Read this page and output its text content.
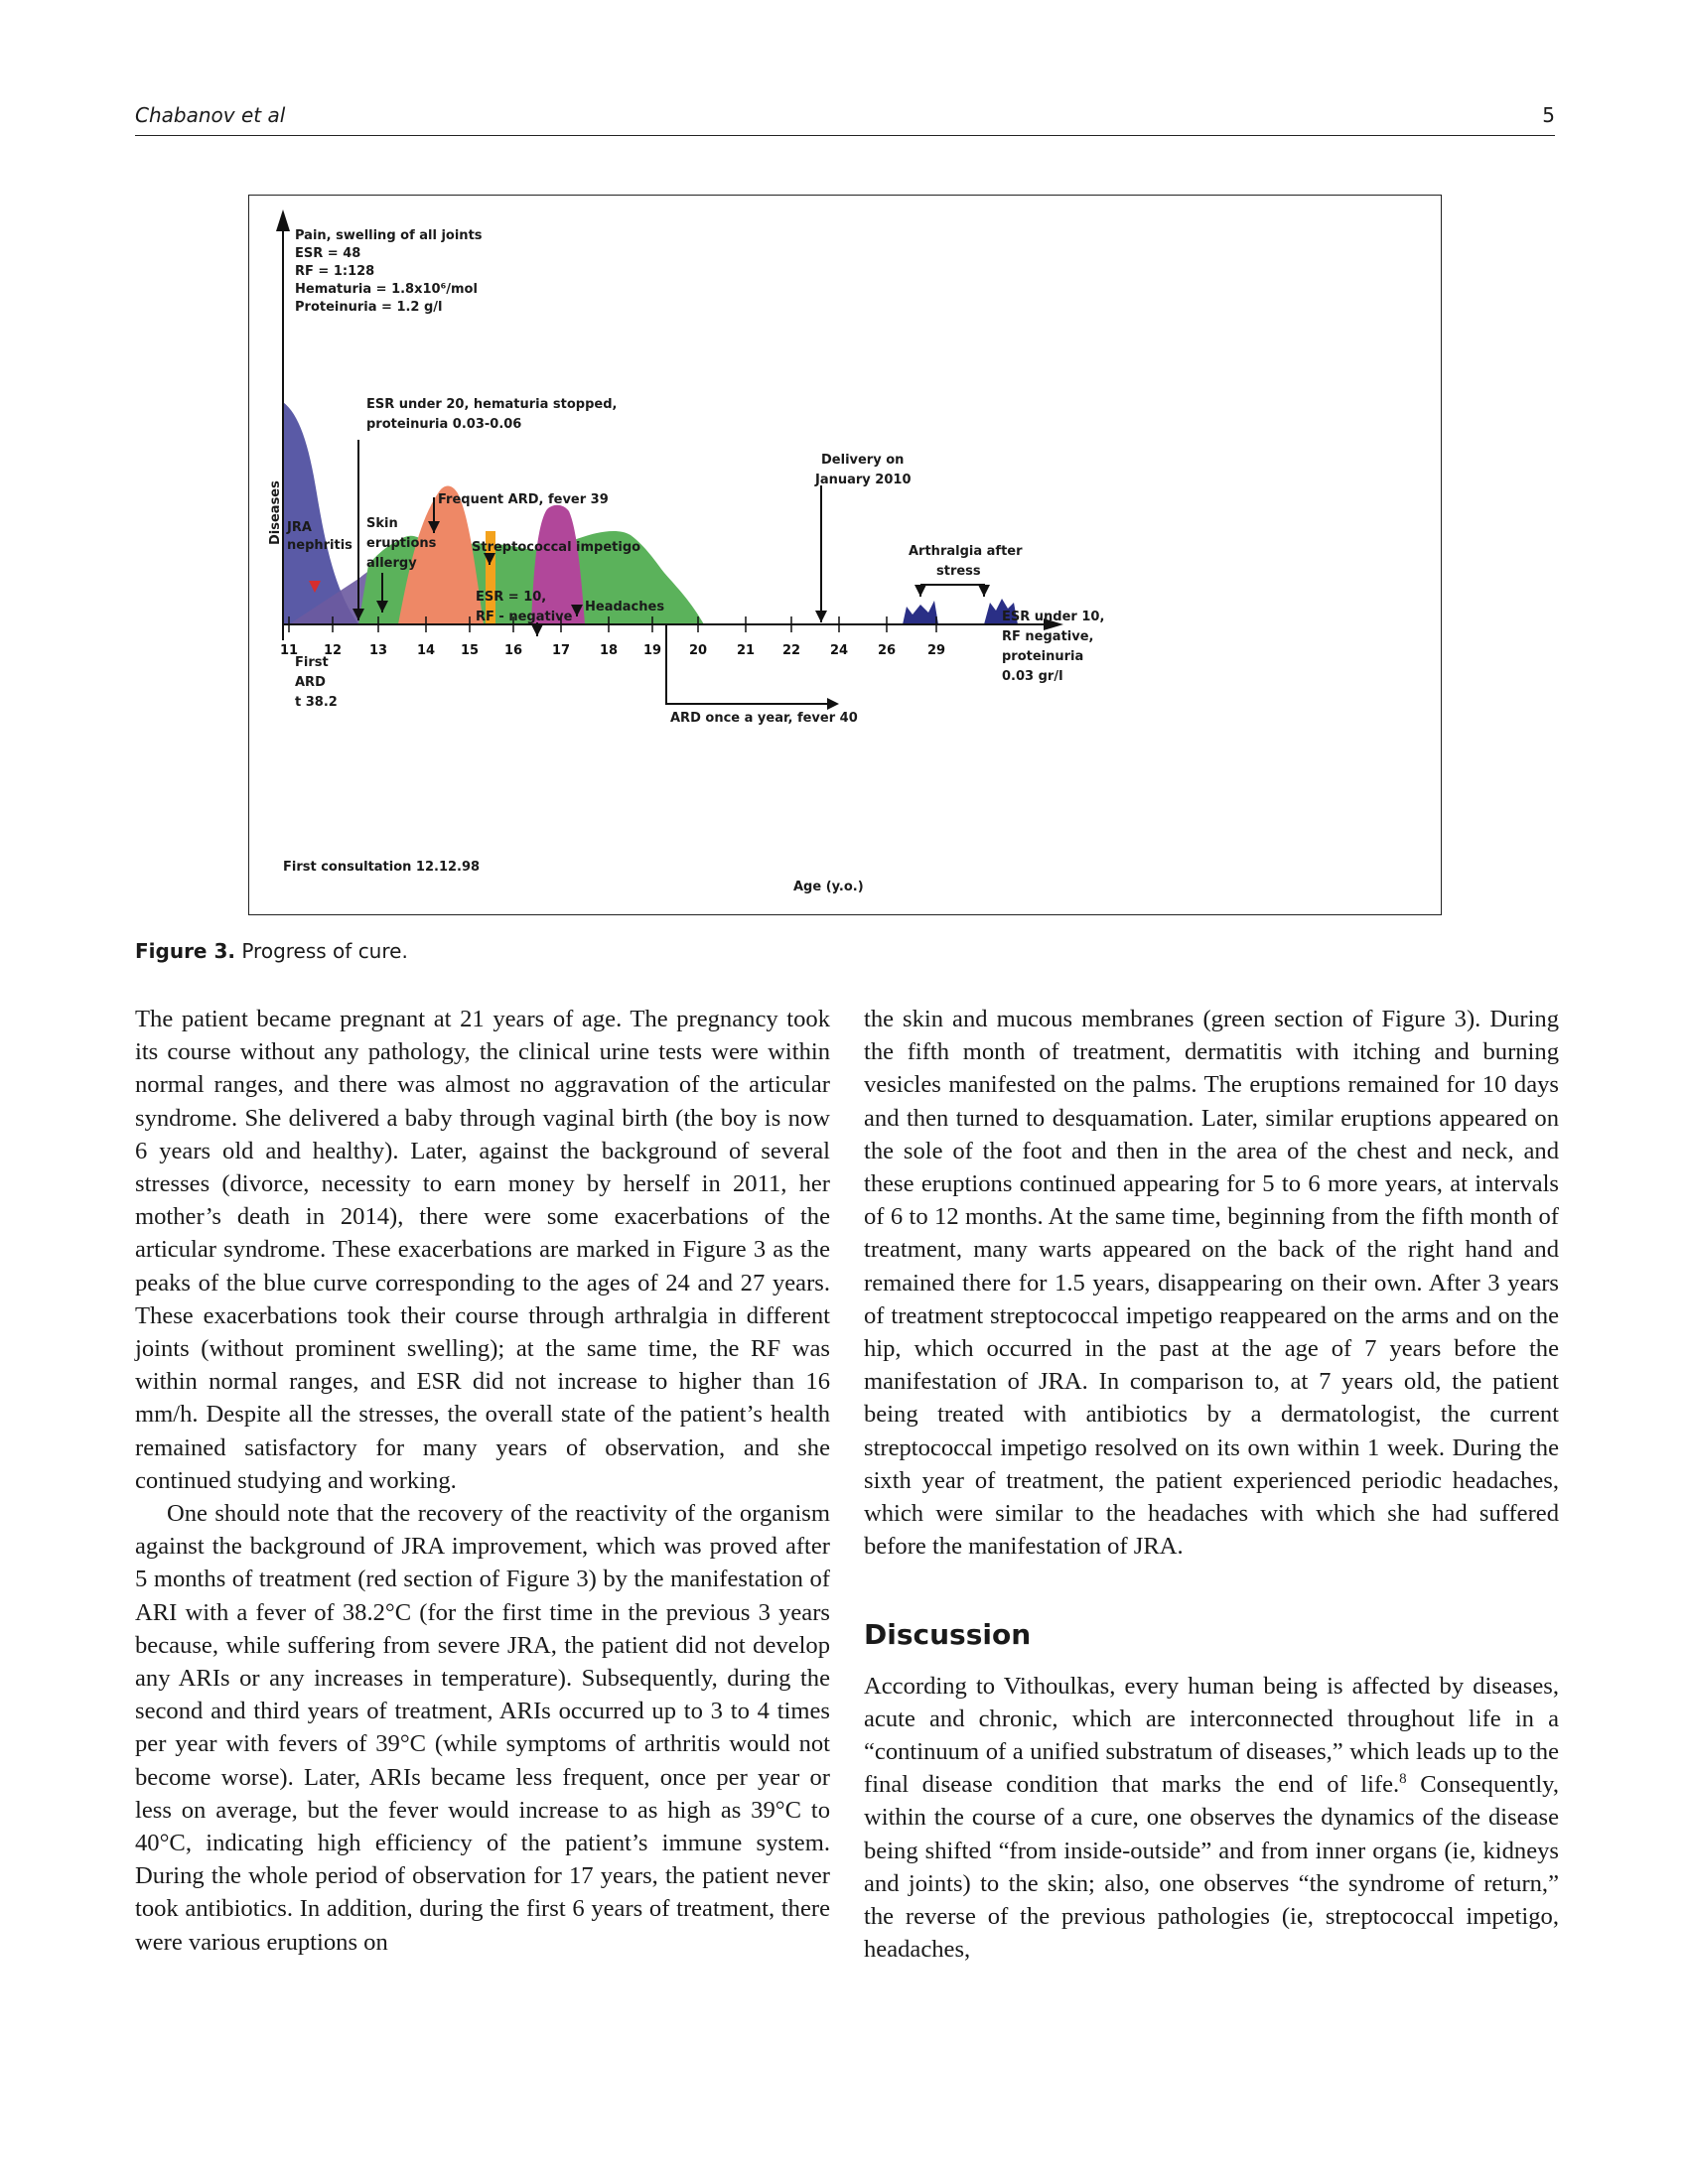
Chabanov et al	5
11 12 13 14 15 16 17 18 19 20 21 22 24 26 29
Pain, swelling of all joints
ESR = 48
RF = 1:128
Hematuria = 1.8x10⁶/mol
Proteinuria = 1.2 g/l
ESR under 20, hematuria stopped,
proteinuria 0.03-0.06
JRA
nephritis
First
ARD
t 38.2
Skin
eruptions
allergy
Frequent ARD, fever 39
Streptococcal impetigo
ESR = 10,
RF - negative
Headaches
ARD once a year, fever 40
Delivery on
January 2010
Arthralgia after
stress
ESR under 10,
RF negative,
proteinuria
0.03 gr/l
First consultation 12.12.98
Age (y.o.)
Diseases
Figure 3. Progress of cure.

The patient became pregnant at 21 years of age. The pregnancy took its course without any pathology, the clinical urine tests were within normal ranges, and there was almost no aggravation of the articular syndrome. She delivered a baby through vaginal birth (the boy is now 6 years old and healthy). Later, against the background of several stresses (divorce, necessity to earn money by herself in 2011, her mother’s death in 2014), there were some exacerbations of the articular syndrome. These exacerbations are marked in Figure 3 as the peaks of the blue curve corresponding to the ages of 24 and 27 years. These exacerbations took their course through arthralgia in different joints (without prominent swelling); at the same time, the RF was within normal ranges, and ESR did not increase to higher than 16 mm/h. Despite all the stresses, the overall state of the patient’s health remained satisfactory for many years of observation, and she continued studying and working.

One should note that the recovery of the reactivity of the organism against the background of JRA improvement, which was proved after 5 months of treatment (red section of Figure 3) by the manifestation of ARI with a fever of 38.2°C (for the first time in the previous 3 years because, while suffering from severe JRA, the patient did not develop any ARIs or any increases in temperature). Subsequently, during the second and third years of treatment, ARIs occurred up to 3 to 4 times per year with fevers of 39°C (while symptoms of arthritis would not become worse). Later, ARIs became less frequent, once per year or less on average, but the fever would increase to as high as 39°C to 40°C, indicating high efficiency of the patient’s immune system. During the whole period of observation for 17 years, the patient never took antibiotics. In addition, during the first 6 years of treatment, there were various eruptions on

the skin and mucous membranes (green section of Figure 3). During the fifth month of treatment, dermatitis with itching and burning vesicles manifested on the palms. The eruptions remained for 10 days and then turned to desquamation. Later, similar eruptions appeared on the sole of the foot and then in the area of the chest and neck, and these eruptions continued appearing for 5 to 6 more years, at intervals of 6 to 12 months. At the same time, beginning from the fifth month of treatment, many warts appeared on the back of the right hand and remained there for 1.5 years, disappearing on their own. After 3 years of treatment streptococcal impetigo reappeared on the arms and on the hip, which occurred in the past at the age of 7 years before the manifestation of JRA. In comparison to, at 7 years old, the patient being treated with antibiotics by a dermatologist, the current streptococcal impetigo resolved on its own within 1 week. During the sixth year of treatment, the patient experienced periodic headaches, which were similar to the headaches with which she had suffered before the manifestation of JRA.

Discussion

According to Vithoulkas, every human being is affected by diseases, acute and chronic, which are interconnected throughout life in a “continuum of a unified substratum of diseases,” which leads up to the final disease condition that marks the end of life.$^8$ Consequently, within the course of a cure, one observes the dynamics of the disease being shifted “from inside-outside” and from inner organs (ie, kidneys and joints) to the skin; also, one observes “the syndrome of return,” the reverse of the previous pathologies (ie, streptococcal impetigo, headaches,
